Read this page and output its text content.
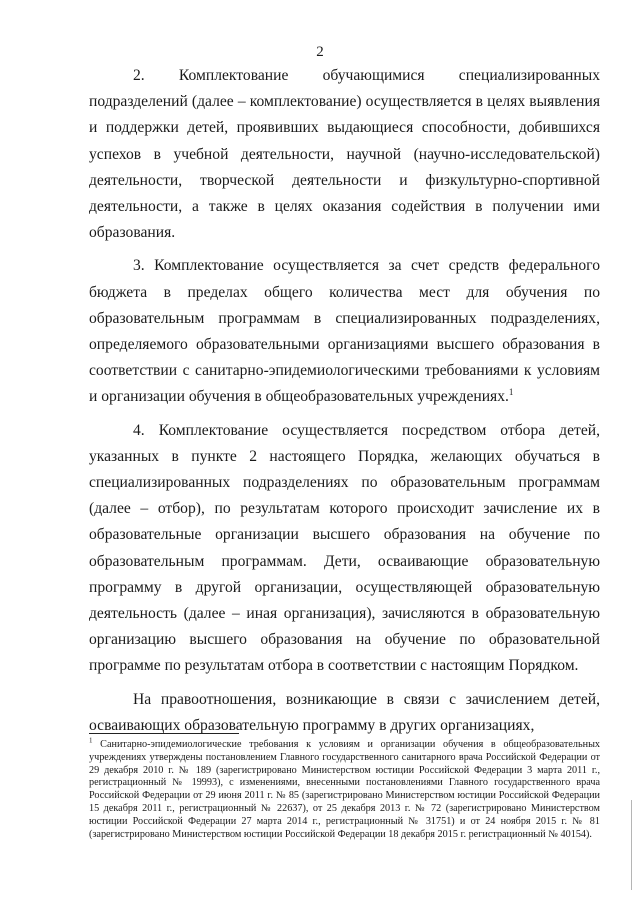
2

2. Комплектование обучающимися специализированных подразделений (далее – комплектование) осуществляется в целях выявления и поддержки детей, проявивших выдающиеся способности, добившихся успехов в учебной деятельности, научной (научно-исследовательской) деятельности, творческой деятельности и физкультурно-спортивной деятельности, а также в целях оказания содействия в получении ими образования.

3. Комплектование осуществляется за счет средств федерального бюджета в пределах общего количества мест для обучения по образовательным программам в специализированных подразделениях, определяемого образовательными организациями высшего образования в соответствии с санитарно-эпидемиологическими требованиями к условиям и организации обучения в общеобразовательных учреждениях.$^1$

4. Комплектование осуществляется посредством отбора детей, указанных в пункте 2 настоящего Порядка, желающих обучаться в специализированных подразделениях по образовательным программам (далее – отбор), по результатам которого происходит зачисление их в образовательные организации высшего образования на обучение по образовательным программам. Дети, осваивающие образовательную программу в другой организации, осуществляющей образовательную деятельность (далее – иная организация), зачисляются в образовательную организацию высшего образования на обучение по образовательной программе по результатам отбора в соответствии с настоящим Порядком.

На правоотношения, возникающие в связи с зачислением детей, осваивающих образовательную программу в других организациях,

$^1$ Санитарно-эпидемиологические требования к условиям и организации обучения в общеобразовательных учреждениях утверждены постановлением Главного государственного санитарного врача Российской Федерации от 29 декабря 2010 г. № 189 (зарегистрировано Министерством юстиции Российской Федерации 3 марта 2011 г., регистрационный № 19993), с изменениями, внесенными постановлениями Главного государственного врача Российской Федерации от 29 июня 2011 г. № 85 (зарегистрировано Министерством юстиции Российской Федерации 15 декабря 2011 г., регистрационный № 22637), от 25 декабря 2013 г. № 72 (зарегистрировано Министерством юстиции Российской Федерации 27 марта 2014 г., регистрационный № 31751) и от 24 ноября 2015 г. № 81 (зарегистрировано Министерством юстиции Российской Федерации 18 декабря 2015 г. регистрационный № 40154).
